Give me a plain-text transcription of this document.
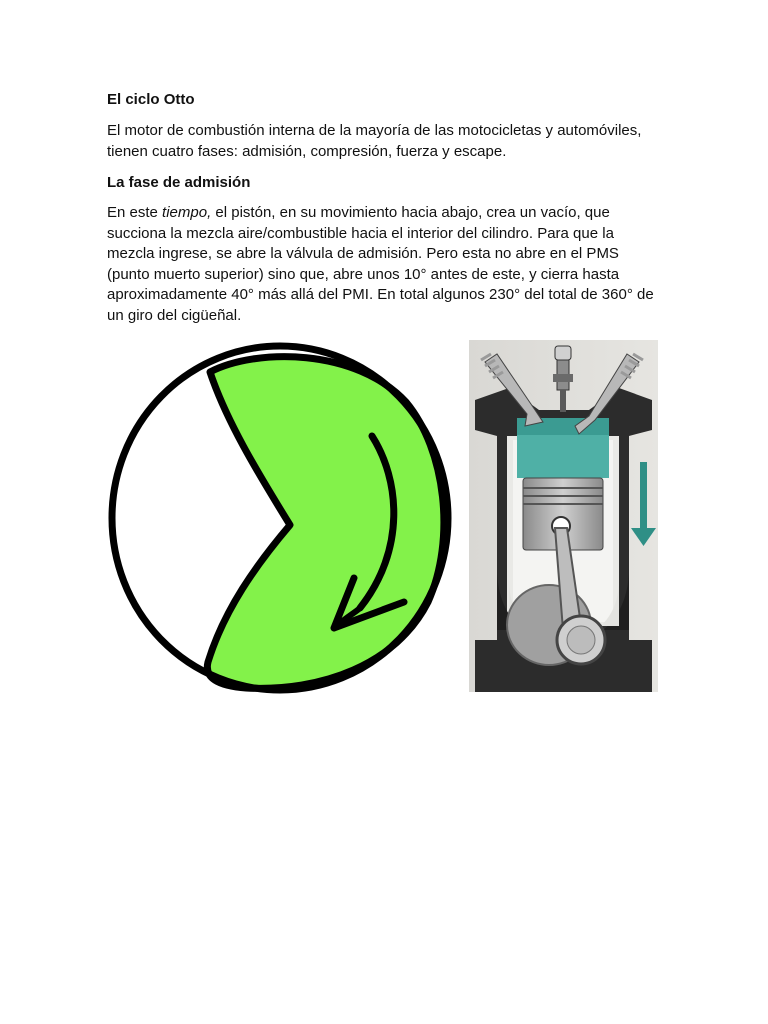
El ciclo Otto

El motor de combustión interna de la mayoría de las motocicletas y automóviles,
tienen cuatro fases: admisión, compresión, fuerza y escape.

La fase de admisión

En este tiempo, el pistón, en su movimiento hacia abajo, crea un vacío, que
succiona la mezcla aire/combustible hacia el interior del cilindro. Para que la
mezcla ingrese, se abre la válvula de admisión. Pero esta no abre en el PMS
(punto muerto superior) sino que, abre unos 10° antes de este, y cierra hasta
aproximadamente 40° más allá del PMI. En total algunos 230° del total de 360° de
un giro del cigüeñal.
